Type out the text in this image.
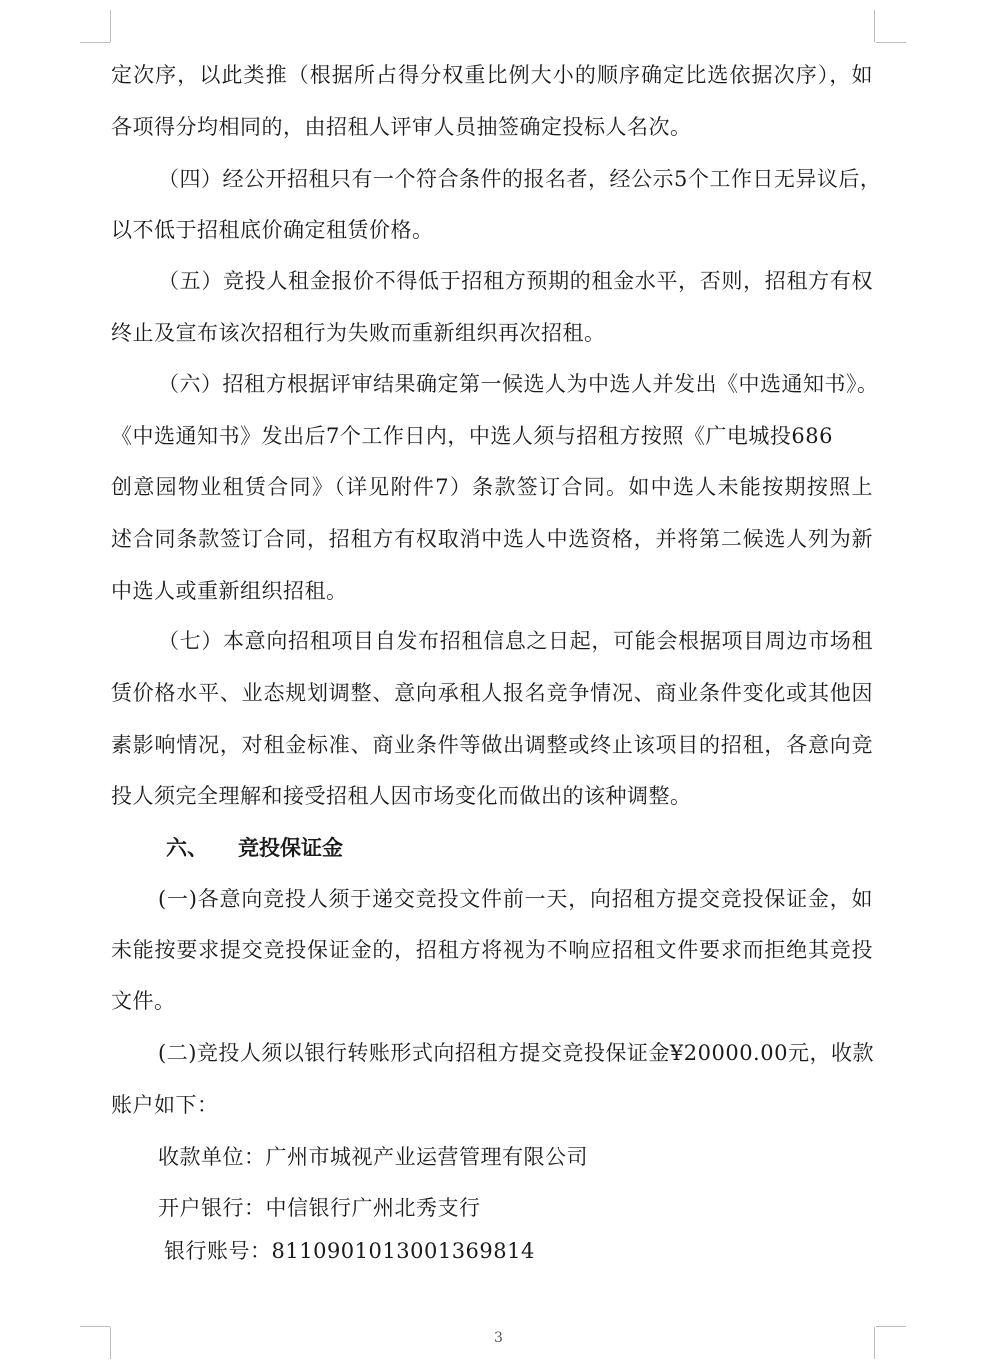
定次序，以此类推（根据所占得分权重比例大小的顺序确定比选依据次序），如
各项得分均相同的，由招租人评审人员抽签确定投标人名次。
（四）经公开招租只有一个符合条件的报名者，经公示5个工作日无异议后，
以不低于招租底价确定租赁价格。
（五）竞投人租金报价不得低于招租方预期的租金水平，否则，招租方有权
终止及宣布该次招租行为失败而重新组织再次招租。
（六）招租方根据评审结果确定第一候选人为中选人并发出《中选通知书》。
《中选通知书》发出后7个工作日内，中选人须与招租方按照《广电城投686
创意园物业租赁合同》（详见附件7）条款签订合同。如中选人未能按期按照上
述合同条款签订合同，招租方有权取消中选人中选资格，并将第二候选人列为新
中选人或重新组织招租。
（七）本意向招租项目自发布招租信息之日起，可能会根据项目周边市场租
赁价格水平、业态规划调整、意向承租人报名竞争情况、商业条件变化或其他因
素影响情况，对租金标准、商业条件等做出调整或终止该项目的招租，各意向竞
投人须完全理解和接受招租人因市场变化而做出的该种调整。
六、 竞投保证金
(一)各意向竞投人须于递交竞投文件前一天，向招租方提交竞投保证金，如
未能按要求提交竞投保证金的，招租方将视为不响应招租文件要求而拒绝其竞投
文件。
(二)竞投人须以银行转账形式向招租方提交竞投保证金¥20000.00元，收款
账户如下：
收款单位：广州市城视产业运营管理有限公司
开户银行：中信银行广州北秀支行
银行账号：8110901013001369814
3
